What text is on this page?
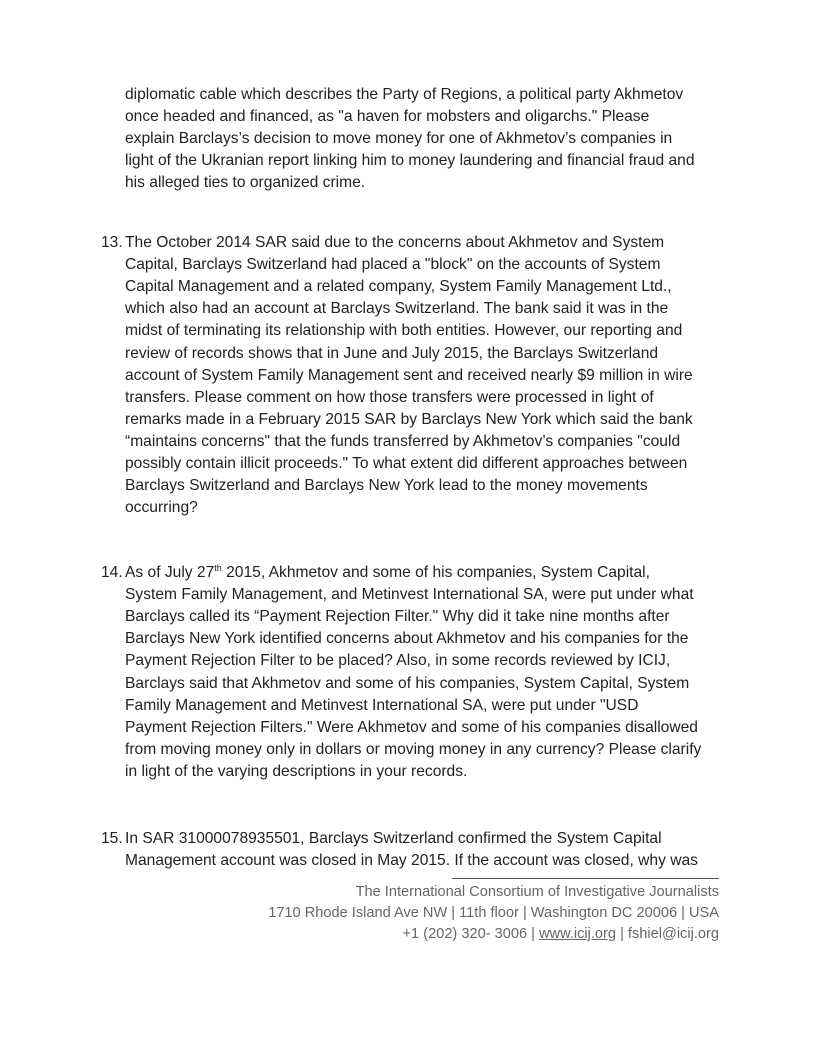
diplomatic cable which describes the Party of Regions, a political party Akhmetov
once headed and financed, as "a haven for mobsters and oligarchs." Please
explain Barclays’s decision to move money for one of Akhmetov’s companies in
light of the Ukranian report linking him to money laundering and financial fraud and
his alleged ties to organized crime.
13. The October 2014 SAR said due to the concerns about Akhmetov and System
Capital, Barclays Switzerland had placed a "block" on the accounts of System
Capital Management and a related company, System Family Management Ltd.,
which also had an account at Barclays Switzerland. The bank said it was in the
midst of terminating its relationship with both entities. However, our reporting and
review of records shows that in June and July 2015, the Barclays Switzerland
account of System Family Management sent and received nearly $9 million in wire
transfers. Please comment on how those transfers were processed in light of
remarks made in a February 2015 SAR by Barclays New York which said the bank
“maintains concerns" that the funds transferred by Akhmetov’s companies "could
possibly contain illicit proceeds." To what extent did different approaches between
Barclays Switzerland and Barclays New York lead to the money movements
occurring?
14. As of July 27th 2015, Akhmetov and some of his companies, System Capital,
System Family Management, and Metinvest International SA, were put under what
Barclays called its “Payment Rejection Filter." Why did it take nine months after
Barclays New York identified concerns about Akhmetov and his companies for the
Payment Rejection Filter to be placed? Also, in some records reviewed by ICIJ,
Barclays said that Akhmetov and some of his companies, System Capital, System
Family Management and Metinvest International SA, were put under "USD
Payment Rejection Filters." Were Akhmetov and some of his companies disallowed
from moving money only in dollars or moving money in any currency? Please clarify
in light of the varying descriptions in your records.
15. In SAR 31000078935501, Barclays Switzerland confirmed the System Capital
Management account was closed in May 2015. If the account was closed, why was
The International Consortium of Investigative Journalists
1710 Rhode Island Ave NW | 11th floor | Washington DC 20006 | USA
+1 (202) 320- 3006 | www.icij.org | fshiel@icij.org
